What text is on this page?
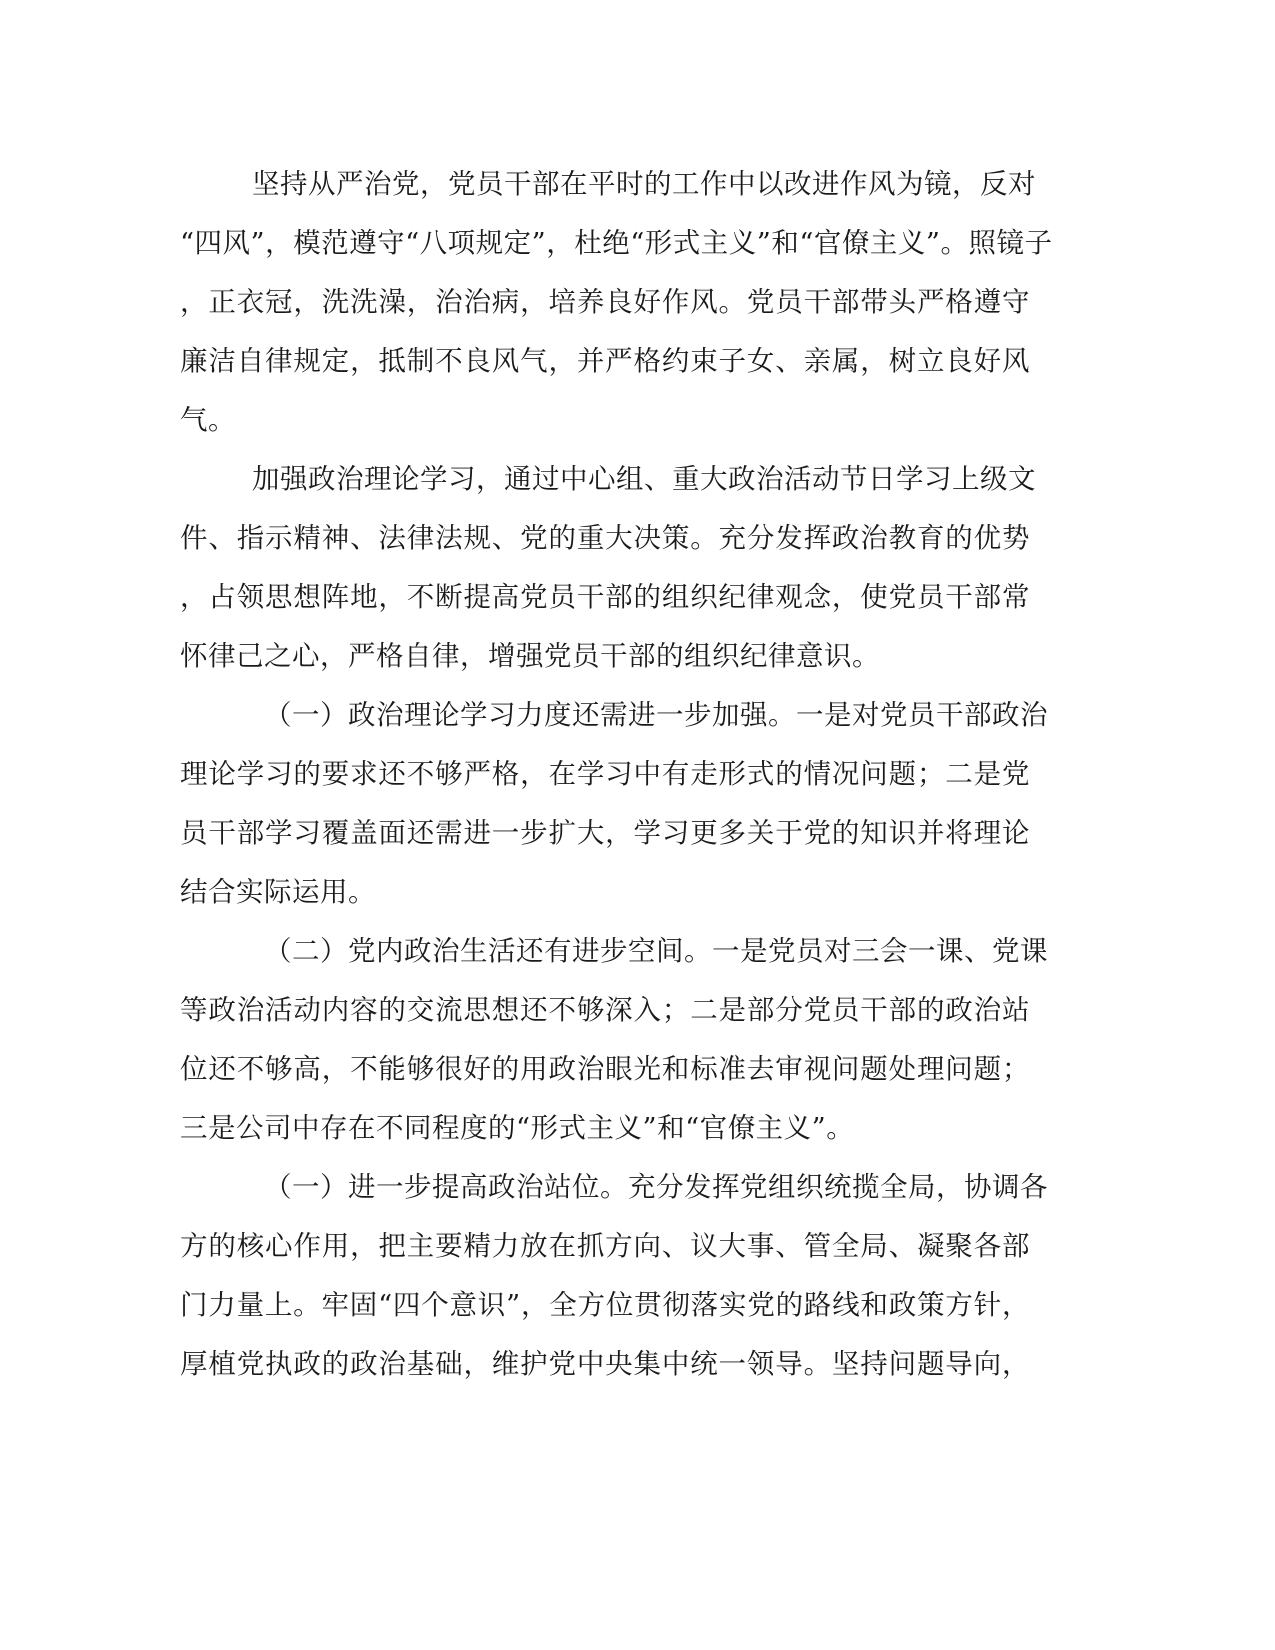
坚持从严治党，党员干部在平时的工作中以改进作风为镜，反对
“四风”，模范遵守“八项规定”，杜绝“形式主义”和“官僚主义”。照镜子
，正衣冠，洗洗澡，治治病，培养良好作风。党员干部带头严格遵守
廉洁自律规定，抵制不良风气，并严格约束子女、亲属，树立良好风
气。
加强政治理论学习，通过中心组、重大政治活动节日学习上级文
件、指示精神、法律法规、党的重大决策。充分发挥政治教育的优势
，占领思想阵地，不断提高党员干部的组织纪律观念，使党员干部常
怀律己之心，严格自律，增强党员干部的组织纪律意识。
（一）政治理论学习力度还需进一步加强。一是对党员干部政治
理论学习的要求还不够严格，在学习中有走形式的情况问题；二是党
员干部学习覆盖面还需进一步扩大，学习更多关于党的知识并将理论
结合实际运用。
（二）党内政治生活还有进步空间。一是党员对三会一课、党课
等政治活动内容的交流思想还不够深入；二是部分党员干部的政治站
位还不够高，不能够很好的用政治眼光和标准去审视问题处理问题；
三是公司中存在不同程度的“形式主义”和“官僚主义”。
（一）进一步提高政治站位。充分发挥党组织统揽全局，协调各
方的核心作用，把主要精力放在抓方向、议大事、管全局、凝聚各部
门力量上。牢固“四个意识”，全方位贯彻落实党的路线和政策方针，
厚植党执政的政治基础，维护党中央集中统一领导。坚持问题导向，
